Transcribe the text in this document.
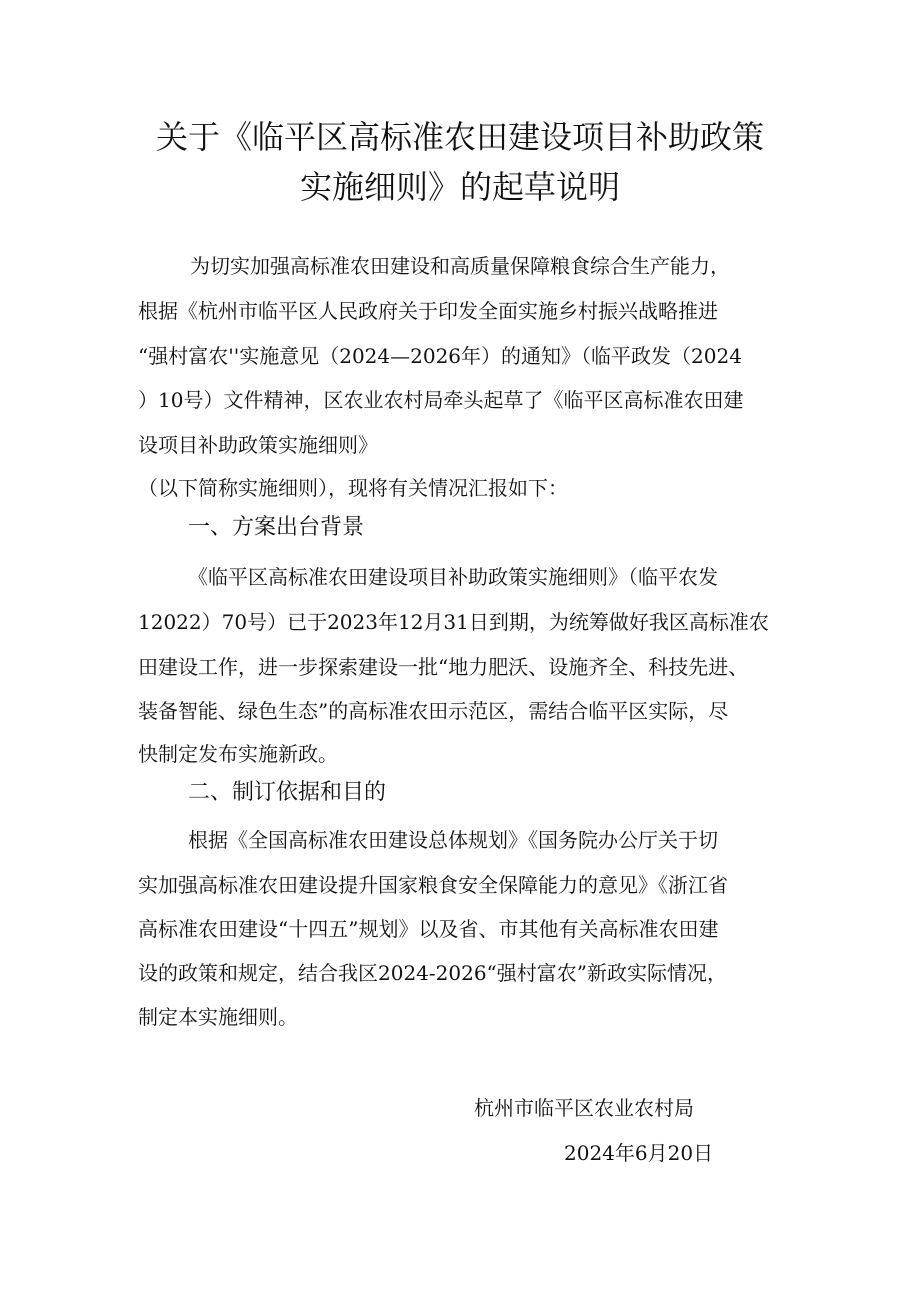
关于《临平区高标准农田建设项目补助政策
实施细则》的起草说明
为切实加强高标准农田建设和高质量保障粮食综合生产能力，
根据《杭州市临平区人民政府关于印发全面实施乡村振兴战略推进
“强村富农''实施意见（2024—2026年）的通知》（临平政发（2024
）10号）文件精神，区农业农村局牵头起草了《临平区高标准农田建
设项目补助政策实施细则》
（以下简称实施细则），现将有关情况汇报如下：
一、方案出台背景
《临平区高标准农田建设项目补助政策实施细则》（临平农发
12022）70号）已于2023年12月31日到期，为统筹做好我区高标准农
田建设工作，进一步探索建设一批“地力肥沃、设施齐全、科技先进、
装备智能、绿色生态”的高标准农田示范区，需结合临平区实际，尽
快制定发布实施新政。
二、制订依据和目的
根据《全国高标准农田建设总体规划》《国务院办公厅关于切
实加强高标准农田建设提升国家粮食安全保障能力的意见》《浙江省
高标准农田建设“十四五”规划》以及省、市其他有关高标准农田建
设的政策和规定，结合我区2024-2026“强村富农”新政实际情况，
制定本实施细则。
杭州市临平区农业农村局
2024年6月20日
